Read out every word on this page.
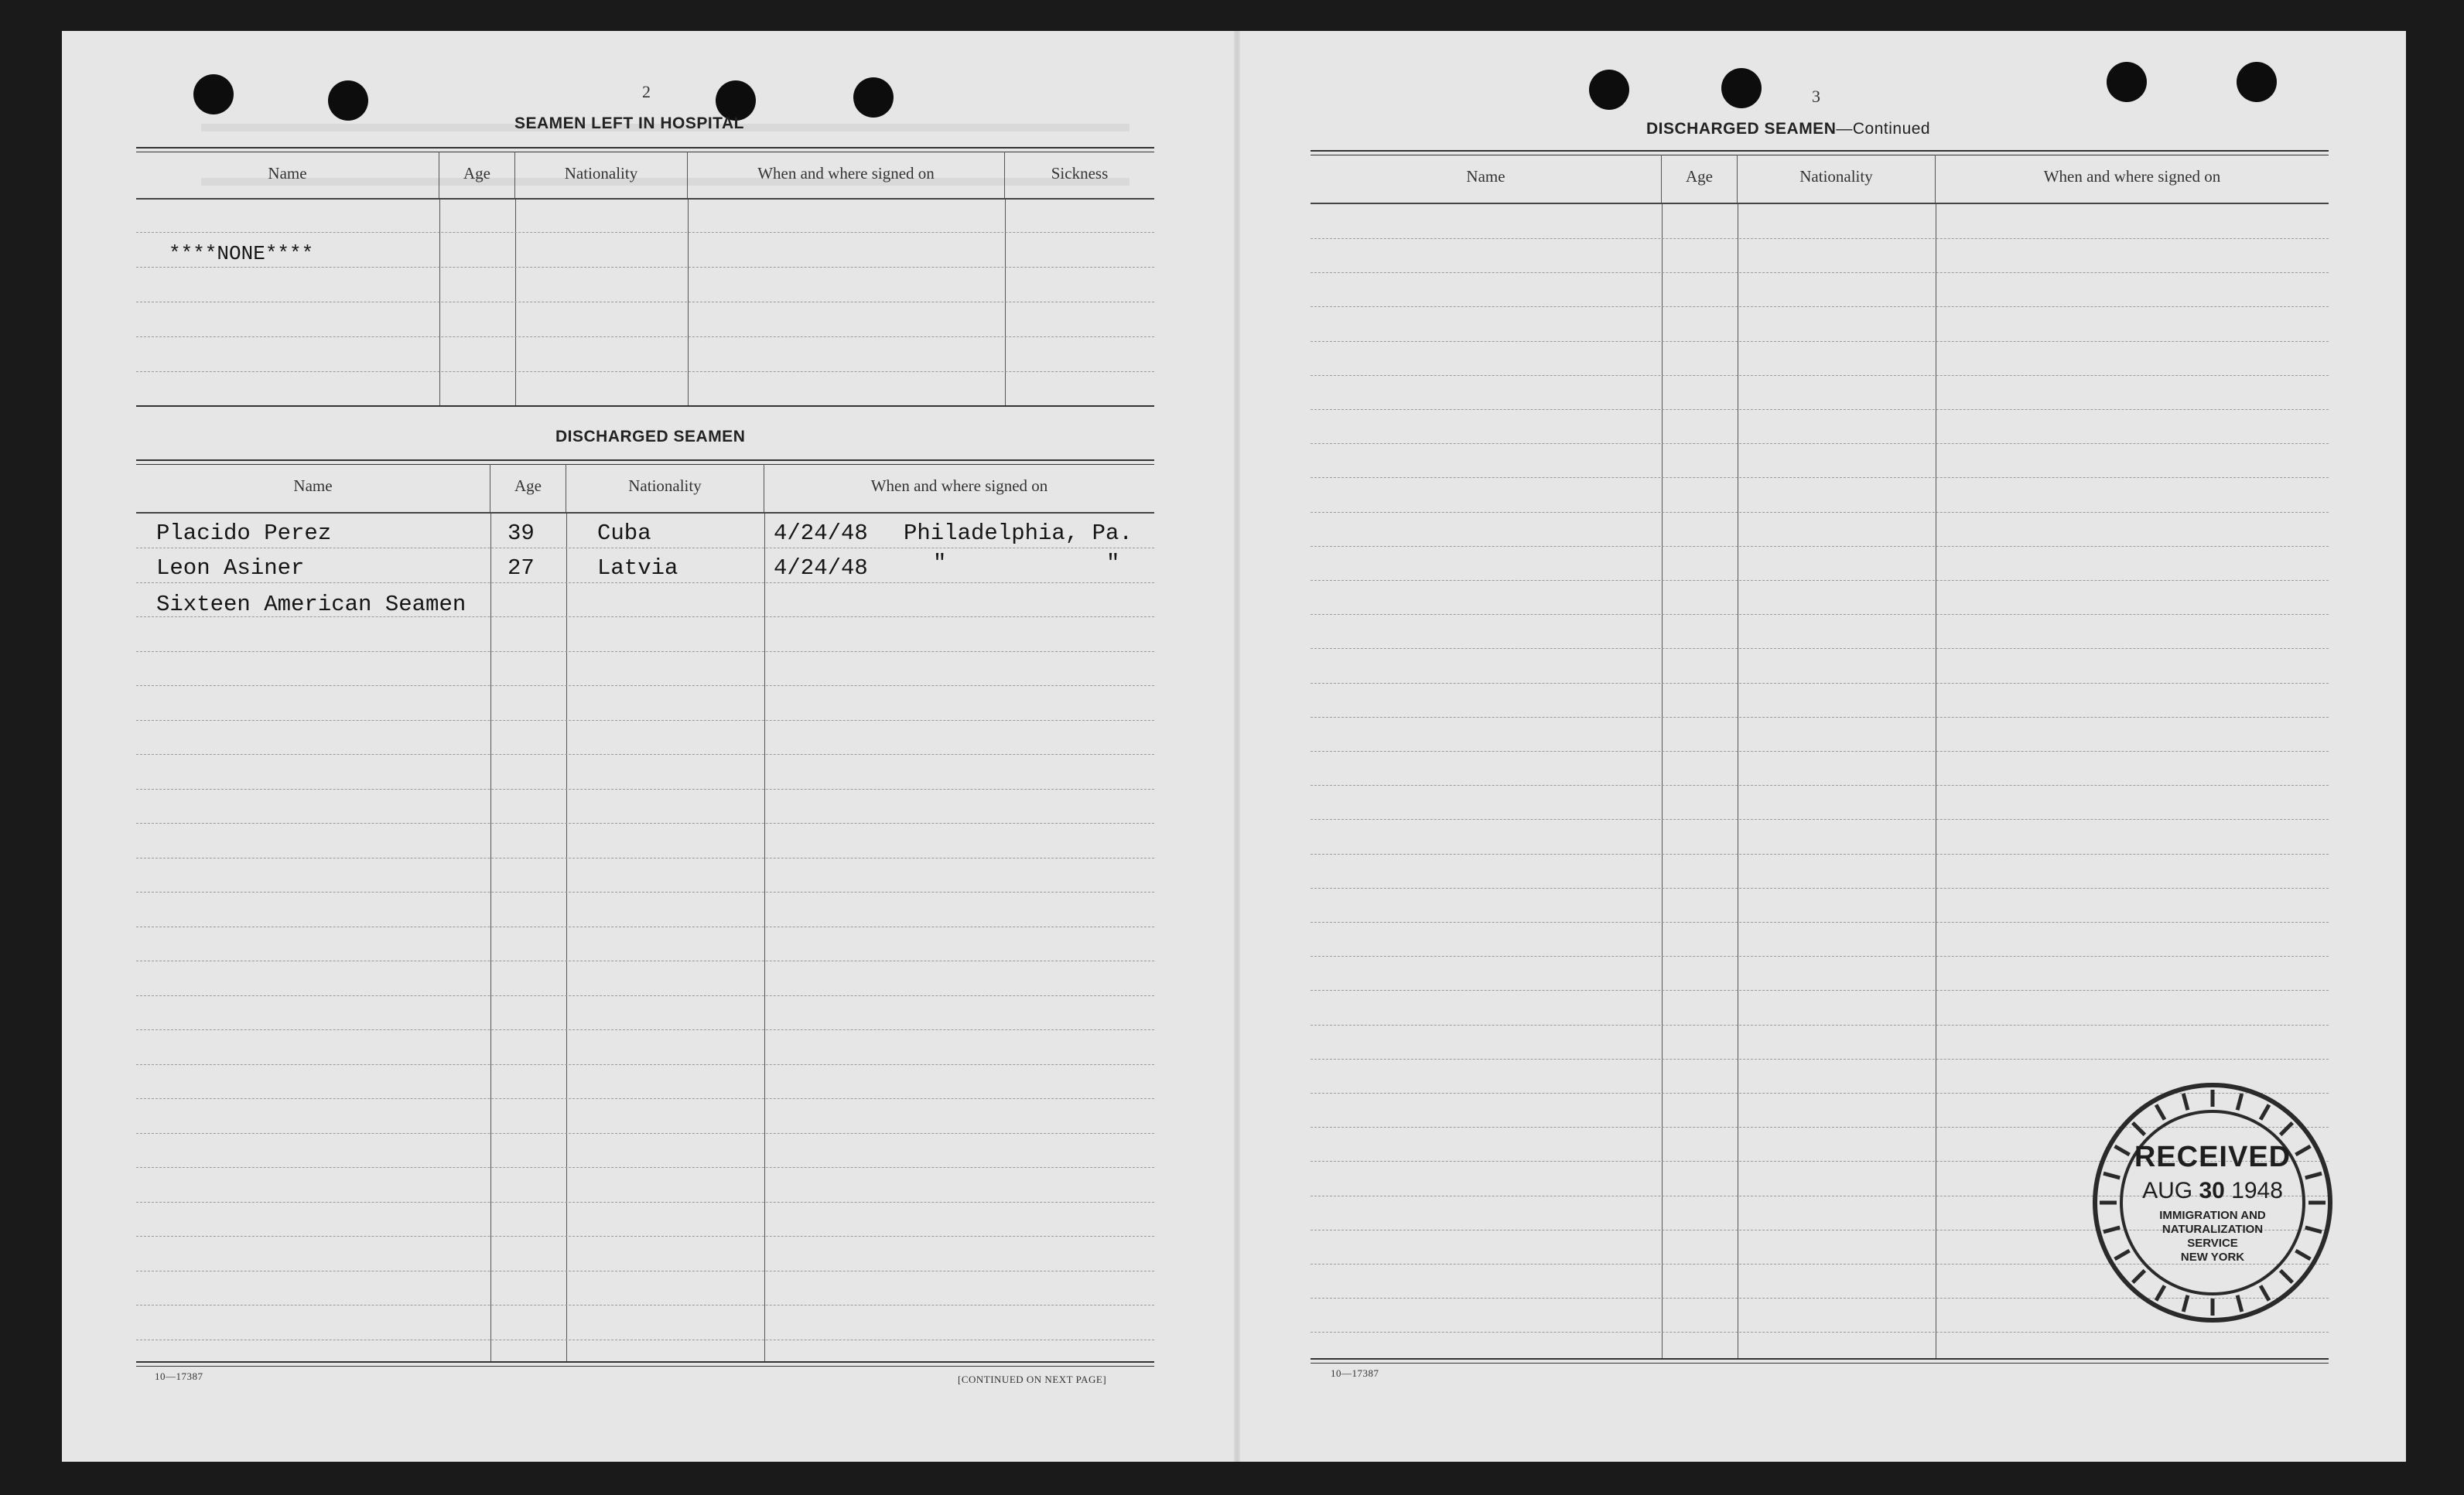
2
SEAMEN LEFT IN HOSPITAL
Name	Age	Nationality	When and where signed on	Sickness
****NONE****
DISCHARGED SEAMEN
Name	Age	Nationality	When and where signed on
Placido Perez	39	Cuba	4/24/48 Philadelphia, Pa.
Leon Asiner	27	Latvia	4/24/48	"	"
Sixteen American Seamen
10—17387	[CONTINUED ON NEXT PAGE]
3
DISCHARGED SEAMEN—Continued
Name	Age	Nationality	When and where signed on
10—17387
RECEIVED
AUG 30 1948
IMMIGRATION AND
NATURALIZATION
SERVICE
NEW YORK
